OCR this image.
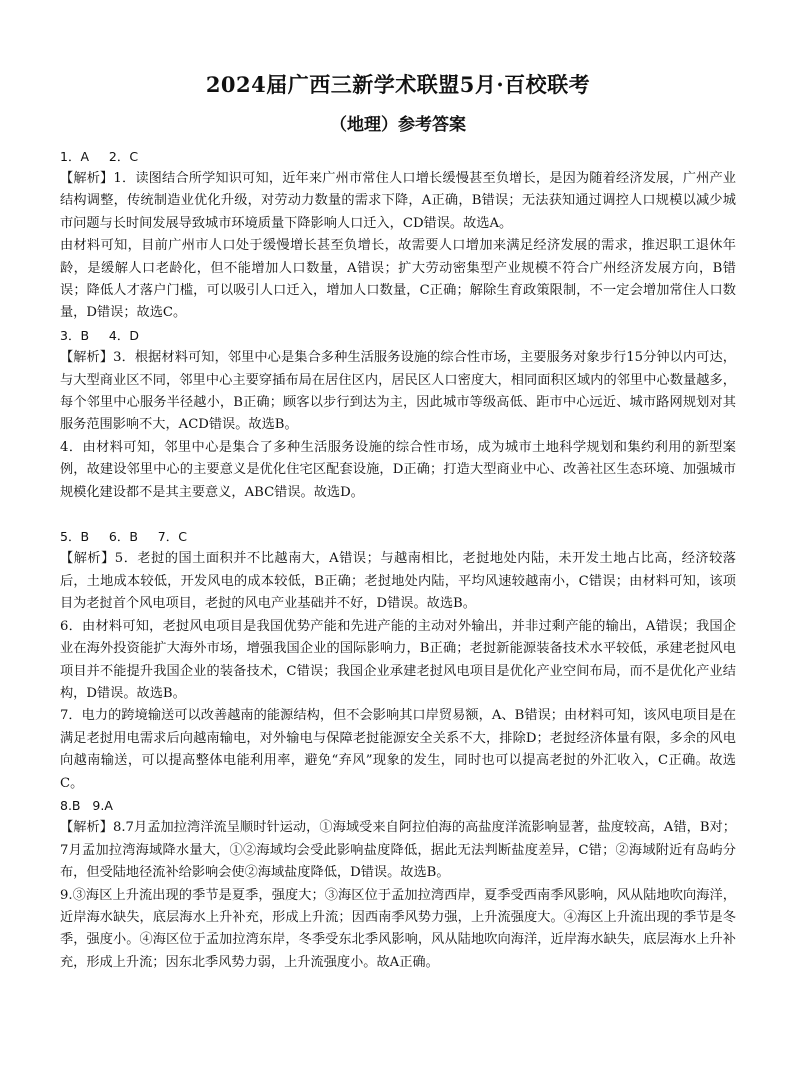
2024届广西三新学术联盟5月·百校联考
（地理）参考答案

1．A     2．C

【解析】1．读图结合所学知识可知，近年来广州市常住人口增长缓慢甚至负增长，是因为随着经济发展，广州产业结构调整，传统制造业优化升级，对劳动力数量的需求下降，A正确，B错误；无法获知通过调控人口规模以减少城市问题与长时间发展导致城市环境质量下降影响人口迁入，CD错误。故选A。

由材料可知，目前广州市人口处于缓慢增长甚至负增长，故需要人口增加来满足经济发展的需求，推迟职工退休年龄，是缓解人口老龄化，但不能增加人口数量，A错误；扩大劳动密集型产业规模不符合广州经济发展方向，B错误；降低人才落户门槛，可以吸引人口迁入，增加人口数量，C正确；解除生育政策限制，不一定会增加常住人口数量，D错误；故选C。

3．B     4．D

【解析】3．根据材料可知，邻里中心是集合多种生活服务设施的综合性市场，主要服务对象步行15分钟以内可达，与大型商业区不同，邻里中心主要穿插布局在居住区内，居民区人口密度大，相同面积区域内的邻里中心数量越多，每个邻里中心服务半径越小，B正确；顾客以步行到达为主，因此城市等级高低、距市中心远近、城市路网规划对其服务范围影响不大，ACD错误。故选B。

4．由材料可知，邻里中心是集合了多种生活服务设施的综合性市场，成为城市土地科学规划和集约利用的新型案例，故建设邻里中心的主要意义是优化住宅区配套设施，D正确；打造大型商业中心、改善社区生态环境、加强城市规模化建设都不是其主要意义，ABC错误。故选D。

5．B     6．B     7．C

【解析】5．老挝的国土面积并不比越南大，A错误；与越南相比，老挝地处内陆，未开发土地占比高，经济较落后，土地成本较低，开发风电的成本较低，B正确；老挝地处内陆，平均风速较越南小，C错误；由材料可知，该项目为老挝首个风电项目，老挝的风电产业基础并不好，D错误。故选B。

6．由材料可知，老挝风电项目是我国优势产能和先进产能的主动对外输出，并非过剩产能的输出，A错误；我国企业在海外投资能扩大海外市场，增强我国企业的国际影响力，B正确；老挝新能源装备技术水平较低，承建老挝风电项目并不能提升我国企业的装备技术，C错误；我国企业承建老挝风电项目是优化产业空间布局，而不是优化产业结构，D错误。故选B。

7．电力的跨境输送可以改善越南的能源结构，但不会影响其口岸贸易额，A、B错误；由材料可知，该风电项目是在满足老挝用电需求后向越南输电，对外输电与保障老挝能源安全关系不大，排除D；老挝经济体量有限，多余的风电向越南输送，可以提高整体电能利用率，避免“弃风”现象的发生，同时也可以提高老挝的外汇收入，C正确。故选C。

8.B   9.A

【解析】8.7月孟加拉湾洋流呈顺时针运动，①海域受来自阿拉伯海的高盐度洋流影响显著，盐度较高，A错，B对；7月孟加拉湾海域降水量大，①②海域均会受此影响盐度降低，据此无法判断盐度差异，C错；②海域附近有岛屿分布，但受陆地径流补给影响会使②海域盐度降低，D错误。故选B。

9.③海区上升流出现的季节是夏季，强度大；③海区位于孟加拉湾西岸，夏季受西南季风影响，风从陆地吹向海洋，近岸海水缺失，底层海水上升补充，形成上升流；因西南季风势力强，上升流强度大。④海区上升流出现的季节是冬季，强度小。④海区位于孟加拉湾东岸，冬季受东北季风影响，风从陆地吹向海洋，近岸海水缺失，底层海水上升补充，形成上升流；因东北季风势力弱，上升流强度小。故A正确。
